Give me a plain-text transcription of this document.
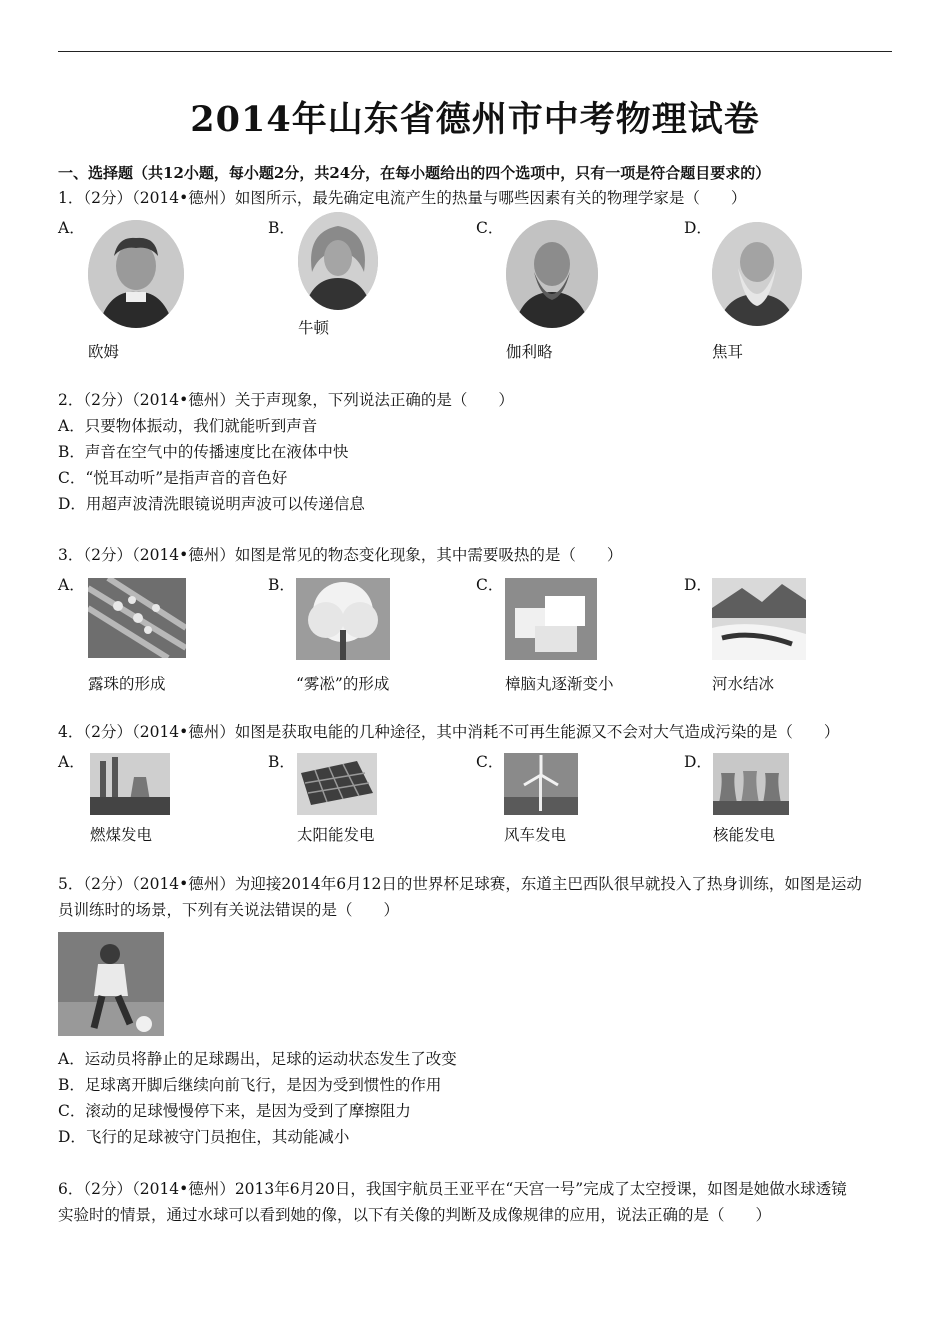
2014年山东省德州市中考物理试卷
一、选择题（共12小题，每小题2分，共24分，在每小题给出的四个选项中，只有一项是符合题目要求的）
1．（2分）（2014•德州）如图所示，最先确定电流产生的热量与哪些因素有关的物理学家是（　　）
A．	B．	C．	D．
牛顿
欧姆	伽利略	焦耳
2．（2分）（2014•德州）关于声现象，下列说法正确的是（　　）
A．只要物体振动，我们就能听到声音
B．声音在空气中的传播速度比在液体中快
C．“悦耳动听”是指声音的音色好
D．用超声波清洗眼镜说明声波可以传递信息
3．（2分）（2014•德州）如图是常见的物态变化现象，其中需要吸热的是（　　）
A．	B．	C．	D．
露珠的形成	“雾凇”的形成	樟脑丸逐渐变小	河水结冰
4．（2分）（2014•德州）如图是获取电能的几种途径，其中消耗不可再生能源又不会对大气造成污染的是（　　）
A．	B．	C．	D．
燃煤发电	太阳能发电	风车发电	核能发电
5．（2分）（2014•德州）为迎接2014年6月12日的世界杯足球赛，东道主巴西队很早就投入了热身训练，如图是运动
员训练时的场景，下列有关说法错误的是（　　）
A．运动员将静止的足球踢出，足球的运动状态发生了改变
B．足球离开脚后继续向前飞行，是因为受到惯性的作用
C．滚动的足球慢慢停下来，是因为受到了摩擦阻力
D．飞行的足球被守门员抱住，其动能减小
6．（2分）（2014•德州）2013年6月20日，我国宇航员王亚平在“天宫一号”完成了太空授课，如图是她做水球透镜
实验时的情景，通过水球可以看到她的像，以下有关像的判断及成像规律的应用，说法正确的是（　　）
